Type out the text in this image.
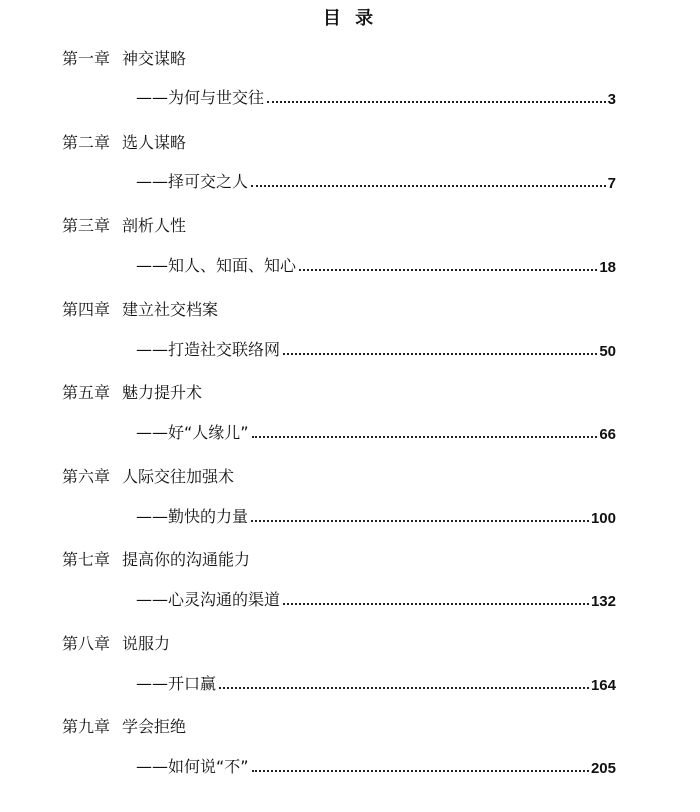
目 录
第一章 神交谋略
——为何与世交往	3
第二章 选人谋略
——择可交之人	7
第三章 剖析人性
——知人、知面、知心	18
第四章 建立社交档案
——打造社交联络网	50
第五章 魅力提升术
——好“人缘儿”	66
第六章 人际交往加强术
——勤快的力量	100
第七章 提高你的沟通能力
——心灵沟通的渠道	132
第八章 说服力
——开口赢	164
第九章 学会拒绝
——如何说“不”	205
